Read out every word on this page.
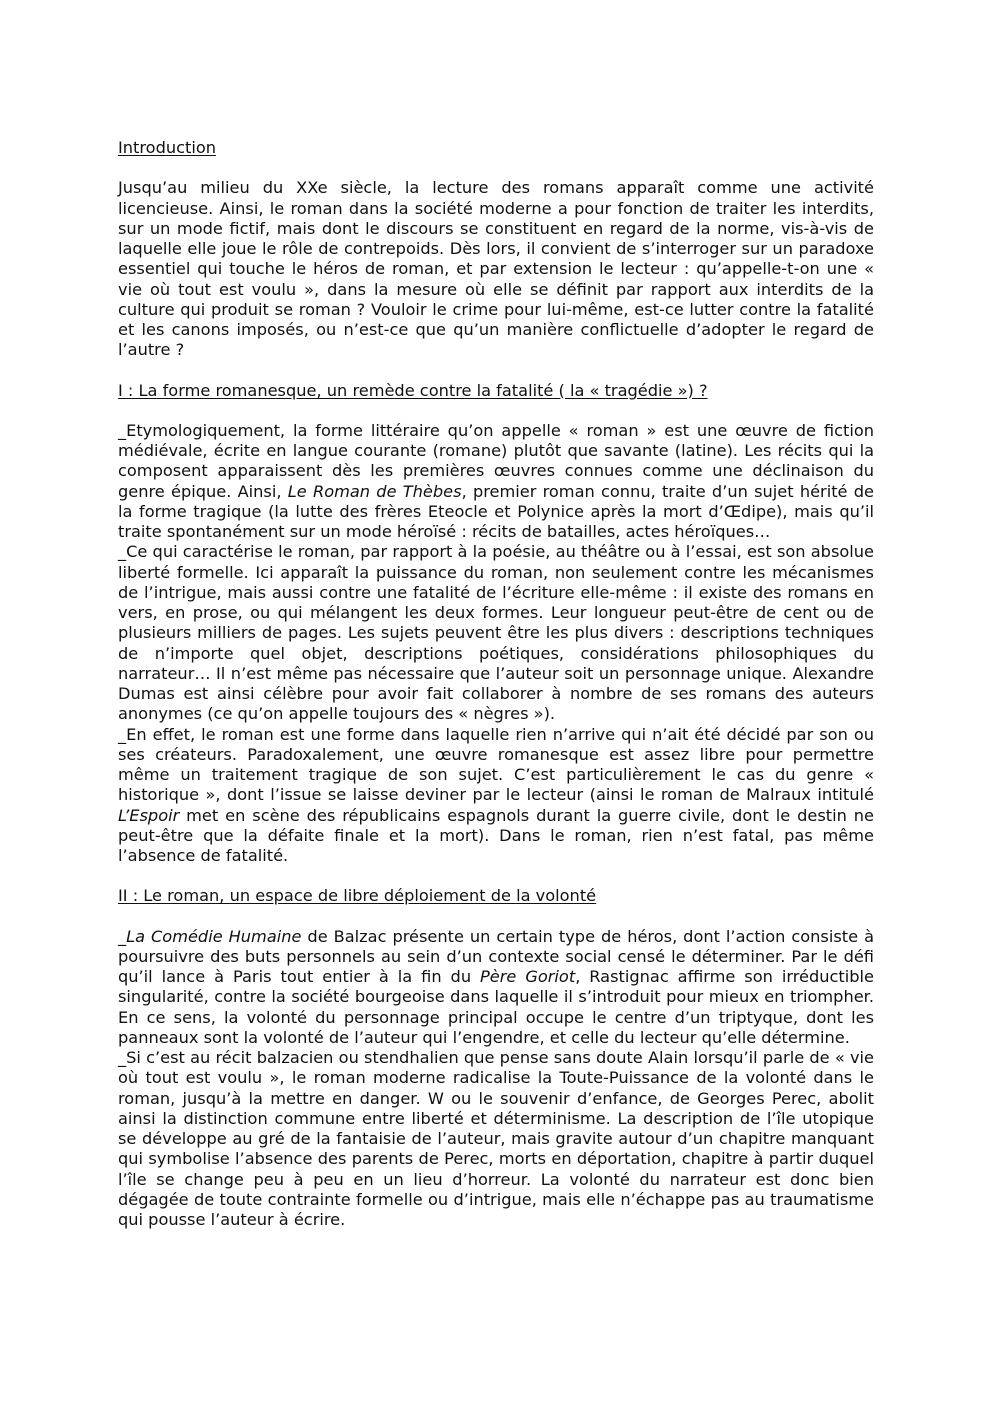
Introduction

Jusqu’au milieu du XXe siècle, la lecture des romans apparaît comme une activité licencieuse. Ainsi, le roman dans la société moderne a pour fonction de traiter les interdits, sur un mode fictif, mais dont le discours se constituent en regard de la norme, vis-à-vis de laquelle elle joue le rôle de contrepoids. Dès lors, il convient de s’interroger sur un paradoxe essentiel qui touche le héros de roman, et par extension le lecteur : qu’appelle-t-on une « vie où tout est voulu », dans la mesure où elle se définit par rapport aux interdits de la culture qui produit se roman ? Vouloir le crime pour lui-même, est-ce lutter contre la fatalité et les canons imposés, ou n’est-ce que qu’un manière conflictuelle d’adopter le regard de l’autre ?

I : La forme romanesque, un remède contre la fatalité ( la « tragédie ») ?

_Etymologiquement, la forme littéraire qu’on appelle « roman » est une œuvre de fiction médiévale, écrite en langue courante (romane) plutôt que savante (latine). Les récits qui la composent apparaissent dès les premières œuvres connues comme une déclinaison du genre épique. Ainsi, Le Roman de Thèbes, premier roman connu, traite d’un sujet hérité de la forme tragique (la lutte des frères Eteocle et Polynice après la mort d’Œdipe), mais qu’il traite spontanément sur un mode héroïsé : récits de batailles, actes héroïques…

_Ce qui caractérise le roman, par rapport à la poésie, au théâtre ou à l’essai, est son absolue liberté formelle. Ici apparaît la puissance du roman, non seulement contre les mécanismes de l’intrigue, mais aussi contre une fatalité de l’écriture elle-même : il existe des romans en vers, en prose, ou qui mélangent les deux formes. Leur longueur peut-être de cent ou de plusieurs milliers de pages. Les sujets peuvent être les plus divers : descriptions techniques de n’importe quel objet, descriptions poétiques, considérations philosophiques du narrateur… Il n’est même pas nécessaire que l’auteur soit un personnage unique. Alexandre Dumas est ainsi célèbre pour avoir fait collaborer à nombre de ses romans des auteurs anonymes (ce qu’on appelle toujours des « nègres »).

_En effet, le roman est une forme dans laquelle rien n’arrive qui n’ait été décidé par son ou ses créateurs. Paradoxalement, une œuvre romanesque est assez libre pour permettre même un traitement tragique de son sujet. C’est particulièrement le cas du genre « historique », dont l’issue se laisse deviner par le lecteur (ainsi le roman de Malraux intitulé L’Espoir met en scène des républicains espagnols durant la guerre civile, dont le destin ne peut-être que la défaite finale et la mort). Dans le roman, rien n’est fatal, pas même l’absence de fatalité.

II : Le roman, un espace de libre déploiement de la volonté

_La Comédie Humaine de Balzac présente un certain type de héros, dont l’action consiste à poursuivre des buts personnels au sein d’un contexte social censé le déterminer. Par le défi qu’il lance à Paris tout entier à la fin du Père Goriot, Rastignac affirme son irréductible singularité, contre la société bourgeoise dans laquelle il s’introduit pour mieux en triompher. En ce sens, la volonté du personnage principal occupe le centre d’un triptyque, dont les panneaux sont la volonté de l’auteur qui l’engendre, et celle du lecteur qu’elle détermine.

_Si c’est au récit balzacien ou stendhalien que pense sans doute Alain lorsqu’il parle de « vie où tout est voulu », le roman moderne radicalise la Toute-Puissance de la volonté dans le roman, jusqu’à la mettre en danger. W ou le souvenir d’enfance, de Georges Perec, abolit ainsi la distinction commune entre liberté et déterminisme. La description de l’île utopique se développe au gré de la fantaisie de l’auteur, mais gravite autour d’un chapitre manquant qui symbolise l’absence des parents de Perec, morts en déportation, chapitre à partir duquel l’île se change peu à peu en un lieu d’horreur. La volonté du narrateur est donc bien dégagée de toute contrainte formelle ou d’intrigue, mais elle n’échappe pas au traumatisme qui pousse l’auteur à écrire.
